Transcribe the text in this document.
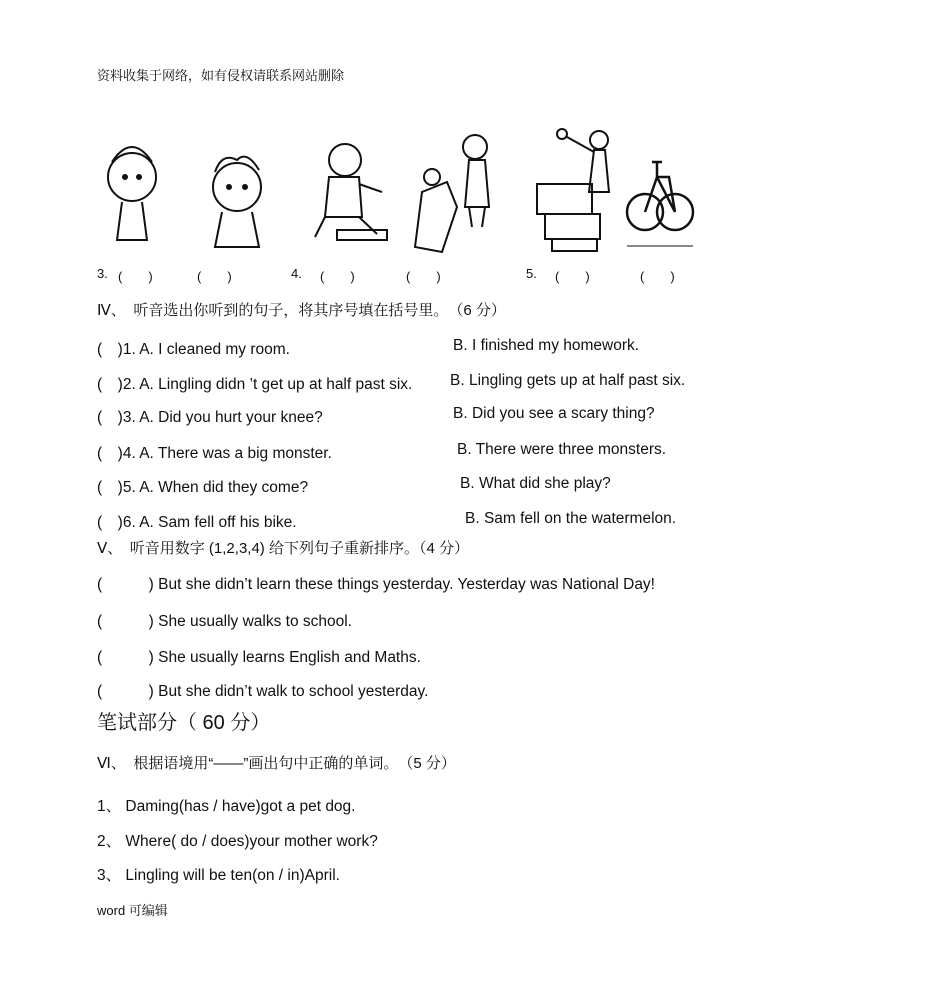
资料收集于网络，如有侵权请联系网站删除
3. (　　)	(　　)	4. (　　)	(　　)	5. (　　)	(　　)
Ⅳ、　听音选出你听到的句子，将其序号填在括号里。　（6 分）
(　)1. A. I cleaned my room.	B. I finished my homework.
(　)2. A. Lingling didn ’t get up at half past six. B. Lingling gets up at half past six.
(　)3. A. Did you hurt your knee?	B. Did you see a scary thing?
(　)4. A. There was a big monster.	B. There were three monsters.
(　)5. A. When did they come?	B. What did she play?
(　)6. A. Sam fell off his bike.	B. Sam fell on the watermelon.
Ⅴ、　听音用数字 (1,2,3,4) 给下列句子重新排序。（4 分）
(　　　) But she didn’t learn these things yesterday. Yesterday was National Day!
(　　　) She usually walks to school.
(　　　) She usually learns English and Maths.
(　　　) But she didn’t walk to school yesterday.
笔试部分（ 60 分）
Ⅵ、　根据语境用“——”画出句中正确的单词。　（5 分）
1、 Daming(has / have)got a pet dog.
2、 Where( do / does)your mother work?
3、 Lingling will be ten(on / in)April.
word 可编辑
